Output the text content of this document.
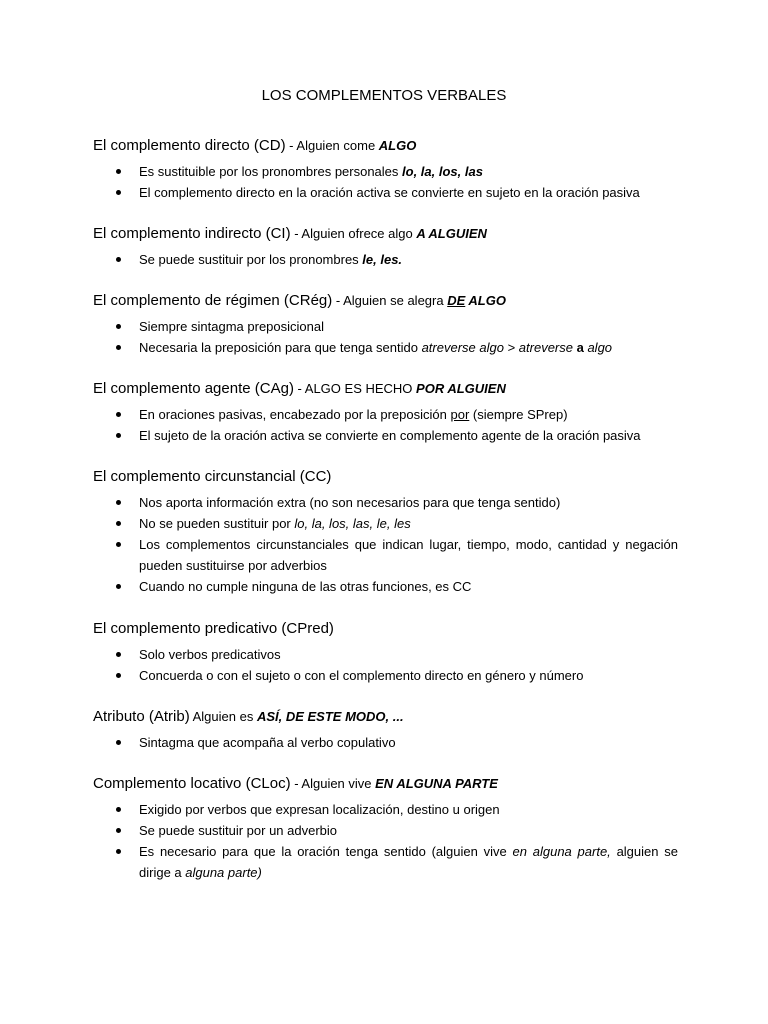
LOS COMPLEMENTOS VERBALES
El complemento directo (CD) - Alguien come ALGO
Es sustituible por los pronombres personales lo, la, los, las
El complemento directo en la oración activa se convierte en sujeto en la oración pasiva
El complemento indirecto (CI) - Alguien ofrece algo A ALGUIEN
Se puede sustituir por los pronombres le, les.
El complemento de régimen (CRég) - Alguien se alegra DE ALGO
Siempre sintagma preposicional
Necesaria la preposición para que tenga sentido atreverse algo > atreverse a algo
El complemento agente (CAg) - ALGO ES HECHO POR ALGUIEN
En oraciones pasivas, encabezado por la preposición por (siempre SPrep)
El sujeto de la oración activa se convierte en complemento agente de la oración pasiva
El complemento circunstancial (CC)
Nos aporta información extra (no son necesarios para que tenga sentido)
No se pueden sustituir por lo, la, los, las, le, les
Los complementos circunstanciales que indican lugar, tiempo, modo, cantidad y negación pueden sustituirse por adverbios
Cuando no cumple ninguna de las otras funciones, es CC
El complemento predicativo (CPred)
Solo verbos predicativos
Concuerda o con el sujeto o con el complemento directo en género y número
Atributo (Atrib) Alguien es ASÍ, DE ESTE MODO, ...
Sintagma que acompaña al verbo copulativo
Complemento locativo (CLoc) - Alguien vive EN ALGUNA PARTE
Exigido por verbos que expresan localización, destino u origen
Se puede sustituir por un adverbio
Es necesario para que la oración tenga sentido (alguien vive en alguna parte, alguien se dirige a alguna parte)
